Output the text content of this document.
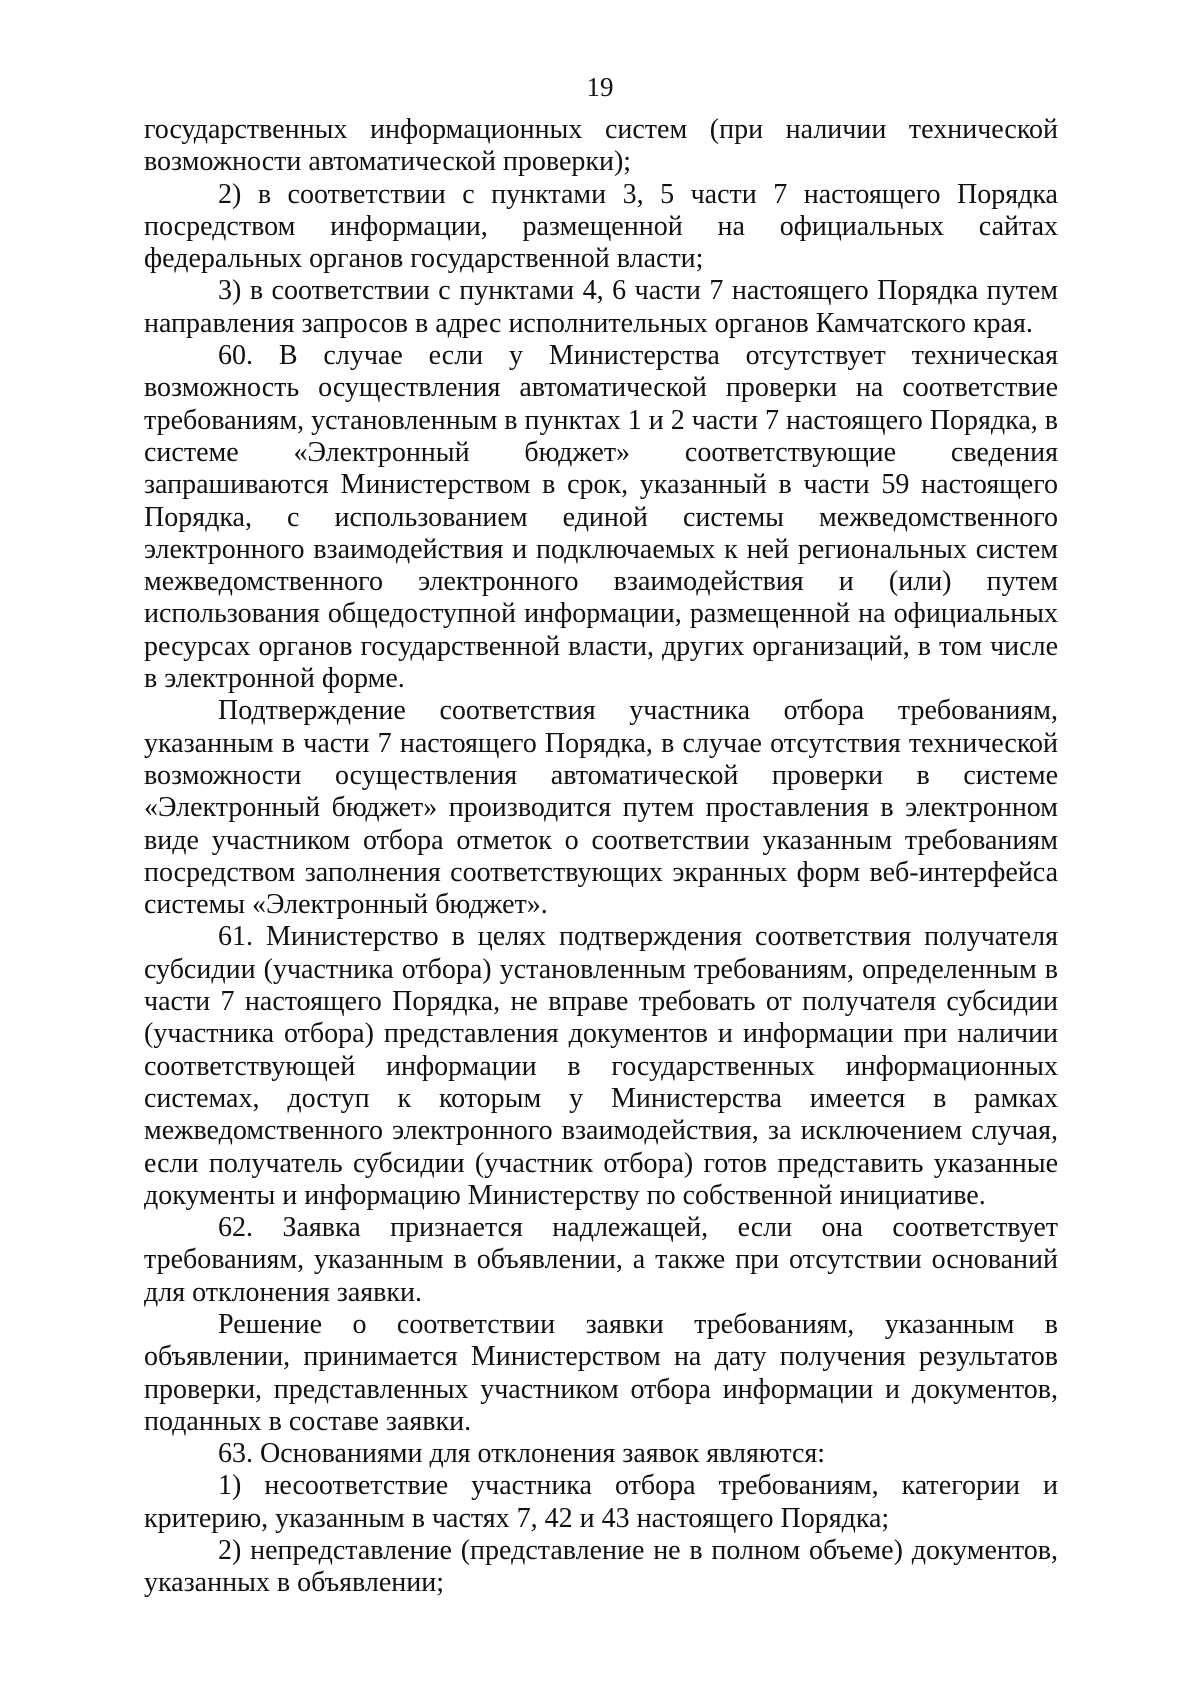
19

государственных информационных систем (при наличии технической возможности автоматической проверки);

2) в соответствии с пунктами 3, 5 части 7 настоящего Порядка посредством информации, размещенной на официальных сайтах федеральных органов государственной власти;

3) в соответствии с пунктами 4, 6 части 7 настоящего Порядка путем направления запросов в адрес исполнительных органов Камчатского края.

60. В случае если у Министерства отсутствует техническая возможность осуществления автоматической проверки на соответствие требованиям, установленным в пунктах 1 и 2 части 7 настоящего Порядка, в системе «Электронный бюджет» соответствующие сведения запрашиваются Министерством в срок, указанный в части 59 настоящего Порядка, с использованием единой системы межведомственного электронного взаимодействия и подключаемых к ней региональных систем межведомственного электронного взаимодействия и (или) путем использования общедоступной информации, размещенной на официальных ресурсах органов государственной власти, других организаций, в том числе в электронной форме.

Подтверждение соответствия участника отбора требованиям, указанным в части 7 настоящего Порядка, в случае отсутствия технической возможности осуществления автоматической проверки в системе «Электронный бюджет» производится путем проставления в электронном виде участником отбора отметок о соответствии указанным требованиям посредством заполнения соответствующих экранных форм веб-интерфейса системы «Электронный бюджет».

61. Министерство в целях подтверждения соответствия получателя субсидии (участника отбора) установленным требованиям, определенным в части 7 настоящего Порядка, не вправе требовать от получателя субсидии (участника отбора) представления документов и информации при наличии соответствующей информации в государственных информационных системах, доступ к которым у Министерства имеется в рамках межведомственного электронного взаимодействия, за исключением случая, если получатель субсидии (участник отбора) готов представить указанные документы и информацию Министерству по собственной инициативе.

62. Заявка признается надлежащей, если она соответствует требованиям, указанным в объявлении, а также при отсутствии оснований для отклонения заявки.

Решение о соответствии заявки требованиям, указанным в объявлении, принимается Министерством на дату получения результатов проверки, представленных участником отбора информации и документов, поданных в составе заявки.

63. Основаниями для отклонения заявок являются:

1) несоответствие участника отбора требованиям, категории и критерию, указанным в частях 7, 42 и 43 настоящего Порядка;

2) непредставление (представление не в полном объеме) документов, указанных в объявлении;
